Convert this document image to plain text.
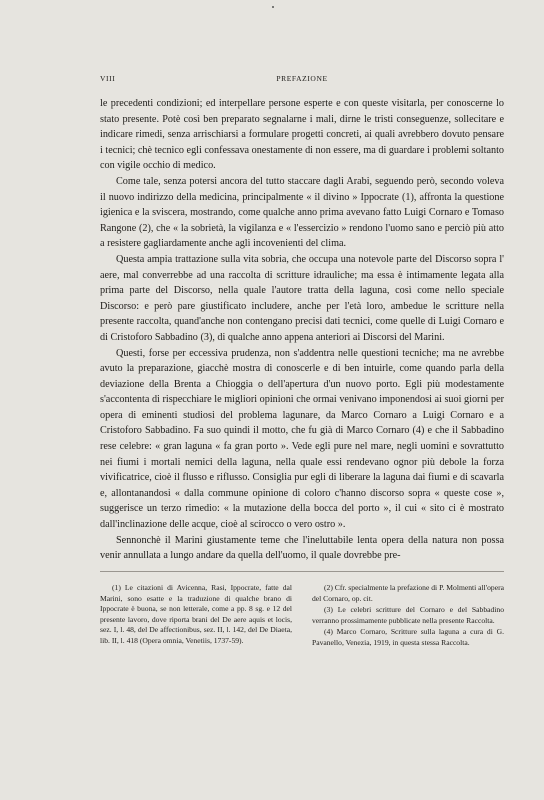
VIII	PREFAZIONE

le precedenti condizioni; ed interpellare persone esperte e con queste visitarla, per conoscerne lo stato presente. Potè così ben preparato segnalarne i mali, dirne le tristi conseguenze, sollecitare e indicare rimedi, senza arrischiarsi a formulare progetti concreti, ai quali avrebbero dovuto pensare i tecnici; chè tecnico egli confessava onestamente di non essere, ma di guardare i problemi soltanto con vigile occhio di medico.

Come tale, senza potersi ancora del tutto staccare dagli Arabi, seguendo però, secondo voleva il nuovo indirizzo della medicina, principalmente « il divino » Ippocrate (1), affronta la questione igienica e la sviscera, mostrando, come qualche anno prima avevano fatto Luigi Cornaro e Tomaso Rangone (2), che « la sobrietà, la vigilanza e « l'essercizio » rendono l'uomo sano e perciò più atto a resistere gagliardamente anche agli incovenienti del clima.

Questa ampia trattazione sulla vita sobria, che occupa una notevole parte del Discorso sopra l' aere, mal converrebbe ad una raccolta di scritture idrauliche; ma essa è intimamente legata alla prima parte del Discorso, nella quale l'autore tratta della laguna, così come nello speciale Discorso: e però pare giustificato includere, anche per l'età loro, ambedue le scritture nella presente raccolta, quand'anche non contengano precisi dati tecnici, come quelle di Luigi Cornaro e di Cristoforo Sabbadino (3), di qualche anno appena anteriori ai Discorsi del Marini.

Questi, forse per eccessiva prudenza, non s'addentra nelle questioni tecniche; ma ne avrebbe avuto la preparazione, giacchè mostra di conoscerle e di ben intuirle, come quando parla della deviazione della Brenta a Chioggia o dell'apertura d'un nuovo porto. Egli più modestamente s'accontenta di rispecchiare le migliori opinioni che ormai venivano imponendosi ai suoi giorni per opera di eminenti studiosi del problema lagunare, da Marco Cornaro a Luigi Cornaro e a Cristoforo Sabbadino. Fa suo quindi il motto, che fu già di Marco Cornaro (4) e che il Sabbadino rese celebre: « gran laguna « fa gran porto ». Vede egli pure nel mare, negli uomini e sovrattutto nei fiumi i mortali nemici della laguna, nella quale essi rendevano ognor più debole la forza vivificatrice, cioè il flusso e riflusso. Consiglia pur egli di liberare la laguna dai fiumi e di scavarla e, allontanandosi « dalla commune opinione di coloro c'hanno discorso sopra « queste cose », suggerisce un terzo rimedio: « la mutazione della bocca del porto », il cui « sito ci è mostrato dall'inclinazione delle acque, cioè al scirocco o vero ostro ».

Sennonchè il Marini giustamente teme che l'ineluttabile lenta opera della natura non possa venir annullata a lungo andare da quella dell'uomo, il quale dovrebbe pre-

(1) Le citazioni di Avicenna, Rasi, Ippocrate, fatte dal Marini, sono esatte e la traduzione di qualche brano di Ippocrate è buona, se non letterale, come a pp. 8 sg. e 12 del presente lavoro, dove riporta brani del De aere aquis et locis, sez. I, l. 48, del De affectionibus, sez. II, l. 142, del De Diaeta, lib. II, l. 418 (Opera omnia, Venetiis, 1737-59).

(2) Cfr. specialmente la prefazione di P. Molmenti all'opera del Cornaro, op. cit.

(3) Le celebri scritture del Cornaro e del Sabbadino verranno prossimamente pubblicate nella presente Raccolta.

(4) Marco Cornaro, Scritture sulla laguna a cura di G. Pavanello, Venezia, 1919, in questa stessa Raccolta.
